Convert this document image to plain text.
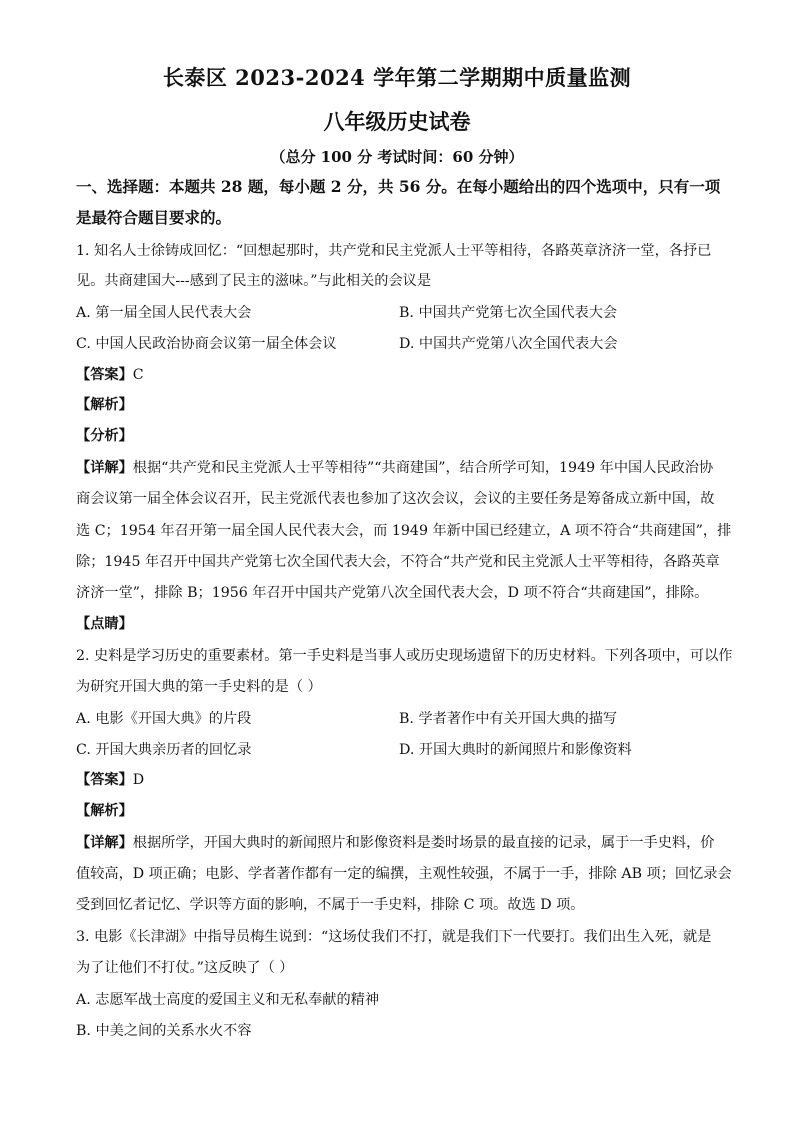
长泰区 2023-2024 学年第二学期期中质量监测
八年级历史试卷
（总分 100 分 考试时间：60 分钟）
一、选择题：本题共 28 题，每小题 2 分，共 56 分。在每小题给出的四个选项中，只有一项
是最符合题目要求的。
1. 知名人士徐铸成回忆：“回想起那时，共产党和民主党派人士平等相待，各路英章济济一堂，各抒已
见。共商建国大---感到了民主的滋味。”与此相关的会议是
A. 第一届全国人民代表大会	B. 中国共产党第七次全国代表大会
C. 中国人民政治协商会议第一届全体会议	D. 中国共产党第八次全国代表大会
【答案】C
【解析】
【分析】
【详解】根据“共产党和民主党派人士平等相待”“共商建国”，结合所学可知，1949 年中国人民政治协
商会议第一届全体会议召开，民主党派代表也参加了这次会议，会议的主要任务是筹备成立新中国，故
选 C；1954 年召开第一届全国人民代表大会，而 1949 年新中国已经建立，A 项不符合“共商建国”，排
除；1945 年召开中国共产党第七次全国代表大会，不符合“共产党和民主党派人士平等相待，各路英章
济济一堂”，排除 B；1956 年召开中国共产党第八次全国代表大会，D 项不符合“共商建国”，排除。
【点睛】
2. 史料是学习历史的重要素材。第一手史料是当事人或历史现场遗留下的历史材料。下列各项中，可以作
为研究开国大典的第一手史料的是（ ）
A. 电影《开国大典》的片段	B. 学者著作中有关开国大典的描写
C. 开国大典亲历者的回忆录	D. 开国大典时的新闻照片和影像资料
【答案】D
【解析】
【详解】根据所学，开国大典时的新闻照片和影像资料是娄时场景的最直接的记录，属于一手史料，价
值较高，D 项正确；电影、学者著作都有一定的编撰，主观性较强，不属于一手，排除 AB 项；回忆录会
受到回忆者记忆、学识等方面的影响，不属于一手史料，排除 C 项。故选 D 项。
3. 电影《长津湖》中指导员梅生说到：“这场仗我们不打，就是我们下一代要打。我们出生入死，就是
为了让他们不打仗。”这反映了（ ）
A. 志愿军战士高度的爱国主义和无私奉献的精神
B. 中美之间的关系水火不容
